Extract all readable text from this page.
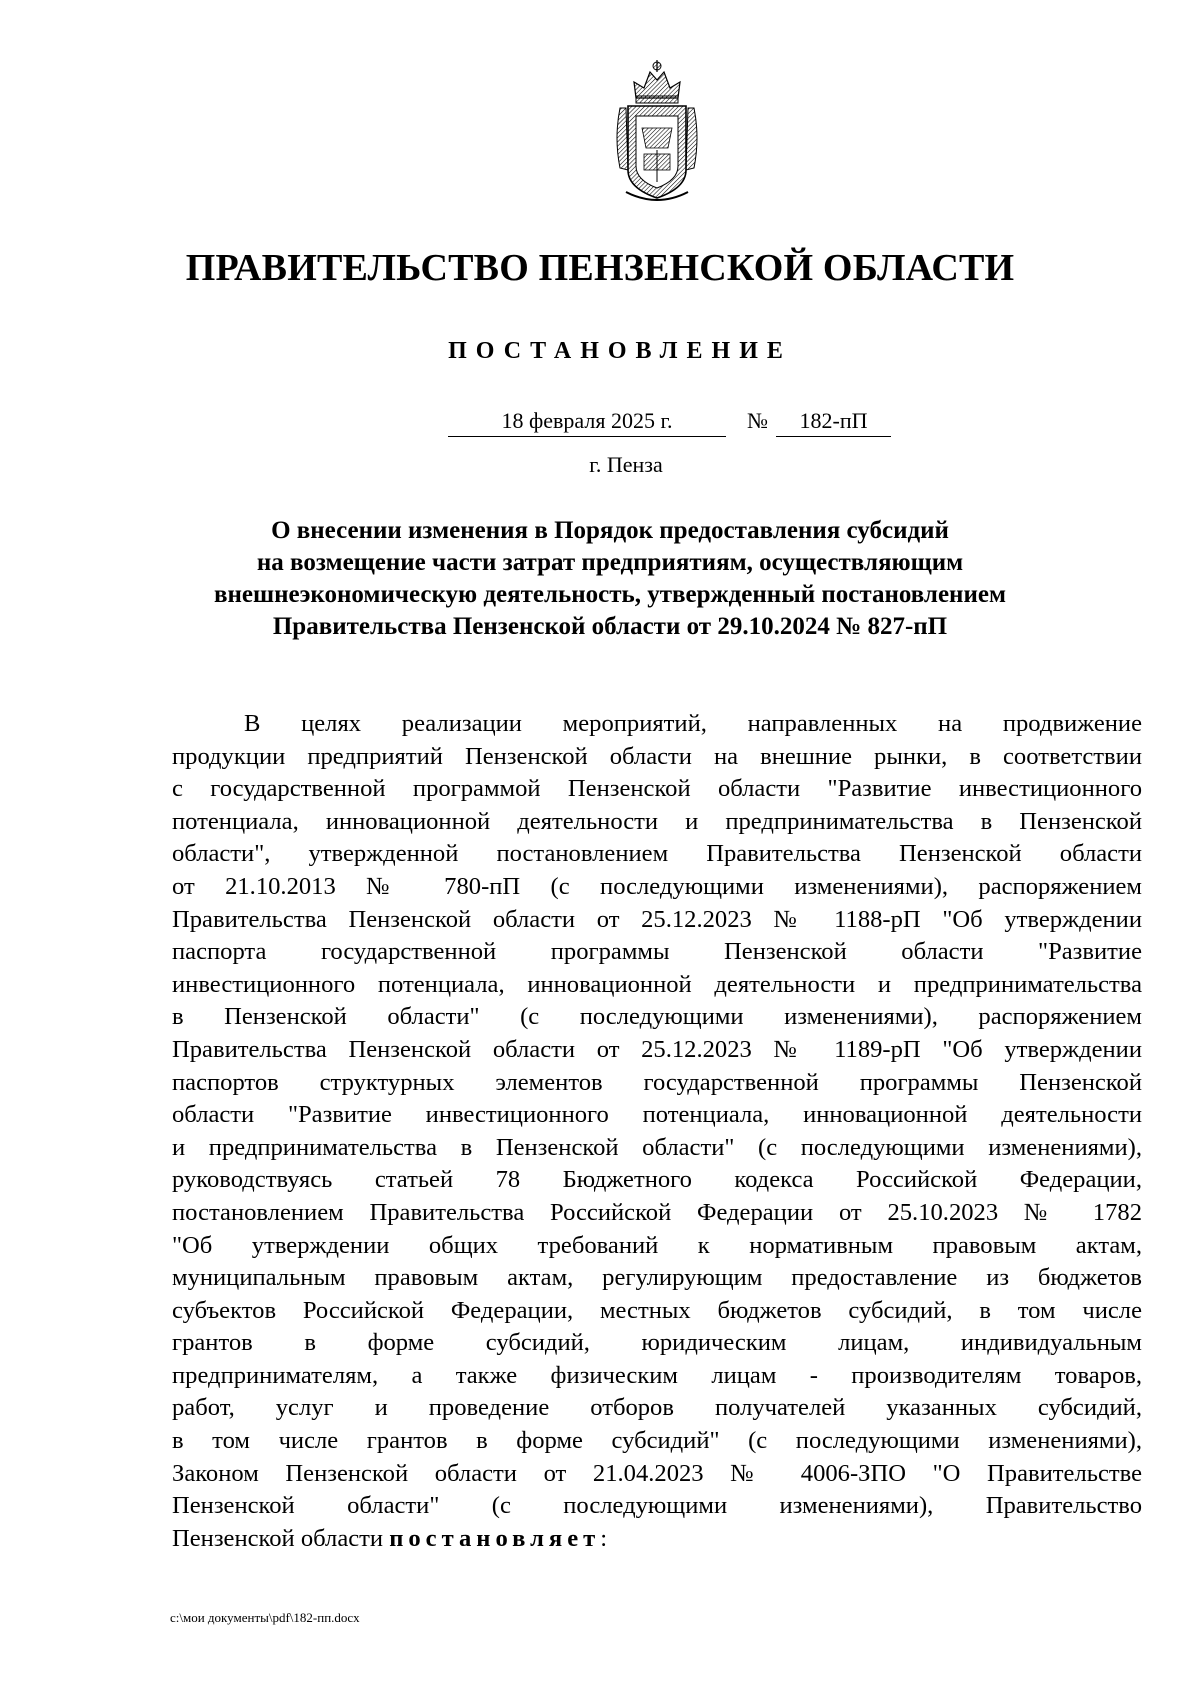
ПРАВИТЕЛЬСТВО ПЕНЗЕНСКОЙ ОБЛАСТИ
ПОСТАНОВЛЕНИЕ
18 февраля 2025 г.	№	182-пП
г. Пенза
О внесении изменения в Порядок предоставления субсидий
на возмещение части затрат предприятиям, осуществляющим
внешнеэкономическую деятельность, утвержденный постановлением
Правительства Пензенской области от 29.10.2024 № 827-пП
В целях реализации мероприятий, направленных на продвижение
продукции предприятий Пензенской области на внешние рынки, в соответствии
с государственной программой Пензенской области "Развитие инвестиционного
потенциала, инновационной деятельности и предпринимательства в Пензенской
области", утвержденной постановлением Правительства Пензенской области
от 21.10.2013 № 780-пП (с последующими изменениями), распоряжением
Правительства Пензенской области от 25.12.2023 № 1188-рП "Об утверждении
паспорта государственной программы Пензенской области "Развитие
инвестиционного потенциала, инновационной деятельности и предпринимательства
в Пензенской области" (с последующими изменениями), распоряжением
Правительства Пензенской области от 25.12.2023 № 1189-рП "Об утверждении
паспортов структурных элементов государственной программы Пензенской
области "Развитие инвестиционного потенциала, инновационной деятельности
и предпринимательства в Пензенской области" (с последующими изменениями),
руководствуясь статьей 78 Бюджетного кодекса Российской Федерации,
постановлением Правительства Российской Федерации от 25.10.2023 № 1782
"Об утверждении общих требований к нормативным правовым актам,
муниципальным правовым актам, регулирующим предоставление из бюджетов
субъектов Российской Федерации, местных бюджетов субсидий, в том числе
грантов в форме субсидий, юридическим лицам, индивидуальным
предпринимателям, а также физическим лицам - производителям товаров,
работ, услуг и проведение отборов получателей указанных субсидий,
в том числе грантов в форме субсидий" (с последующими изменениями),
Законом Пензенской области от 21.04.2023 № 4006-ЗПО "О Правительстве
Пензенской области" (с последующими изменениями), Правительство
Пензенской области постановляет:
c:\мои документы\pdf\182-пп.docx
